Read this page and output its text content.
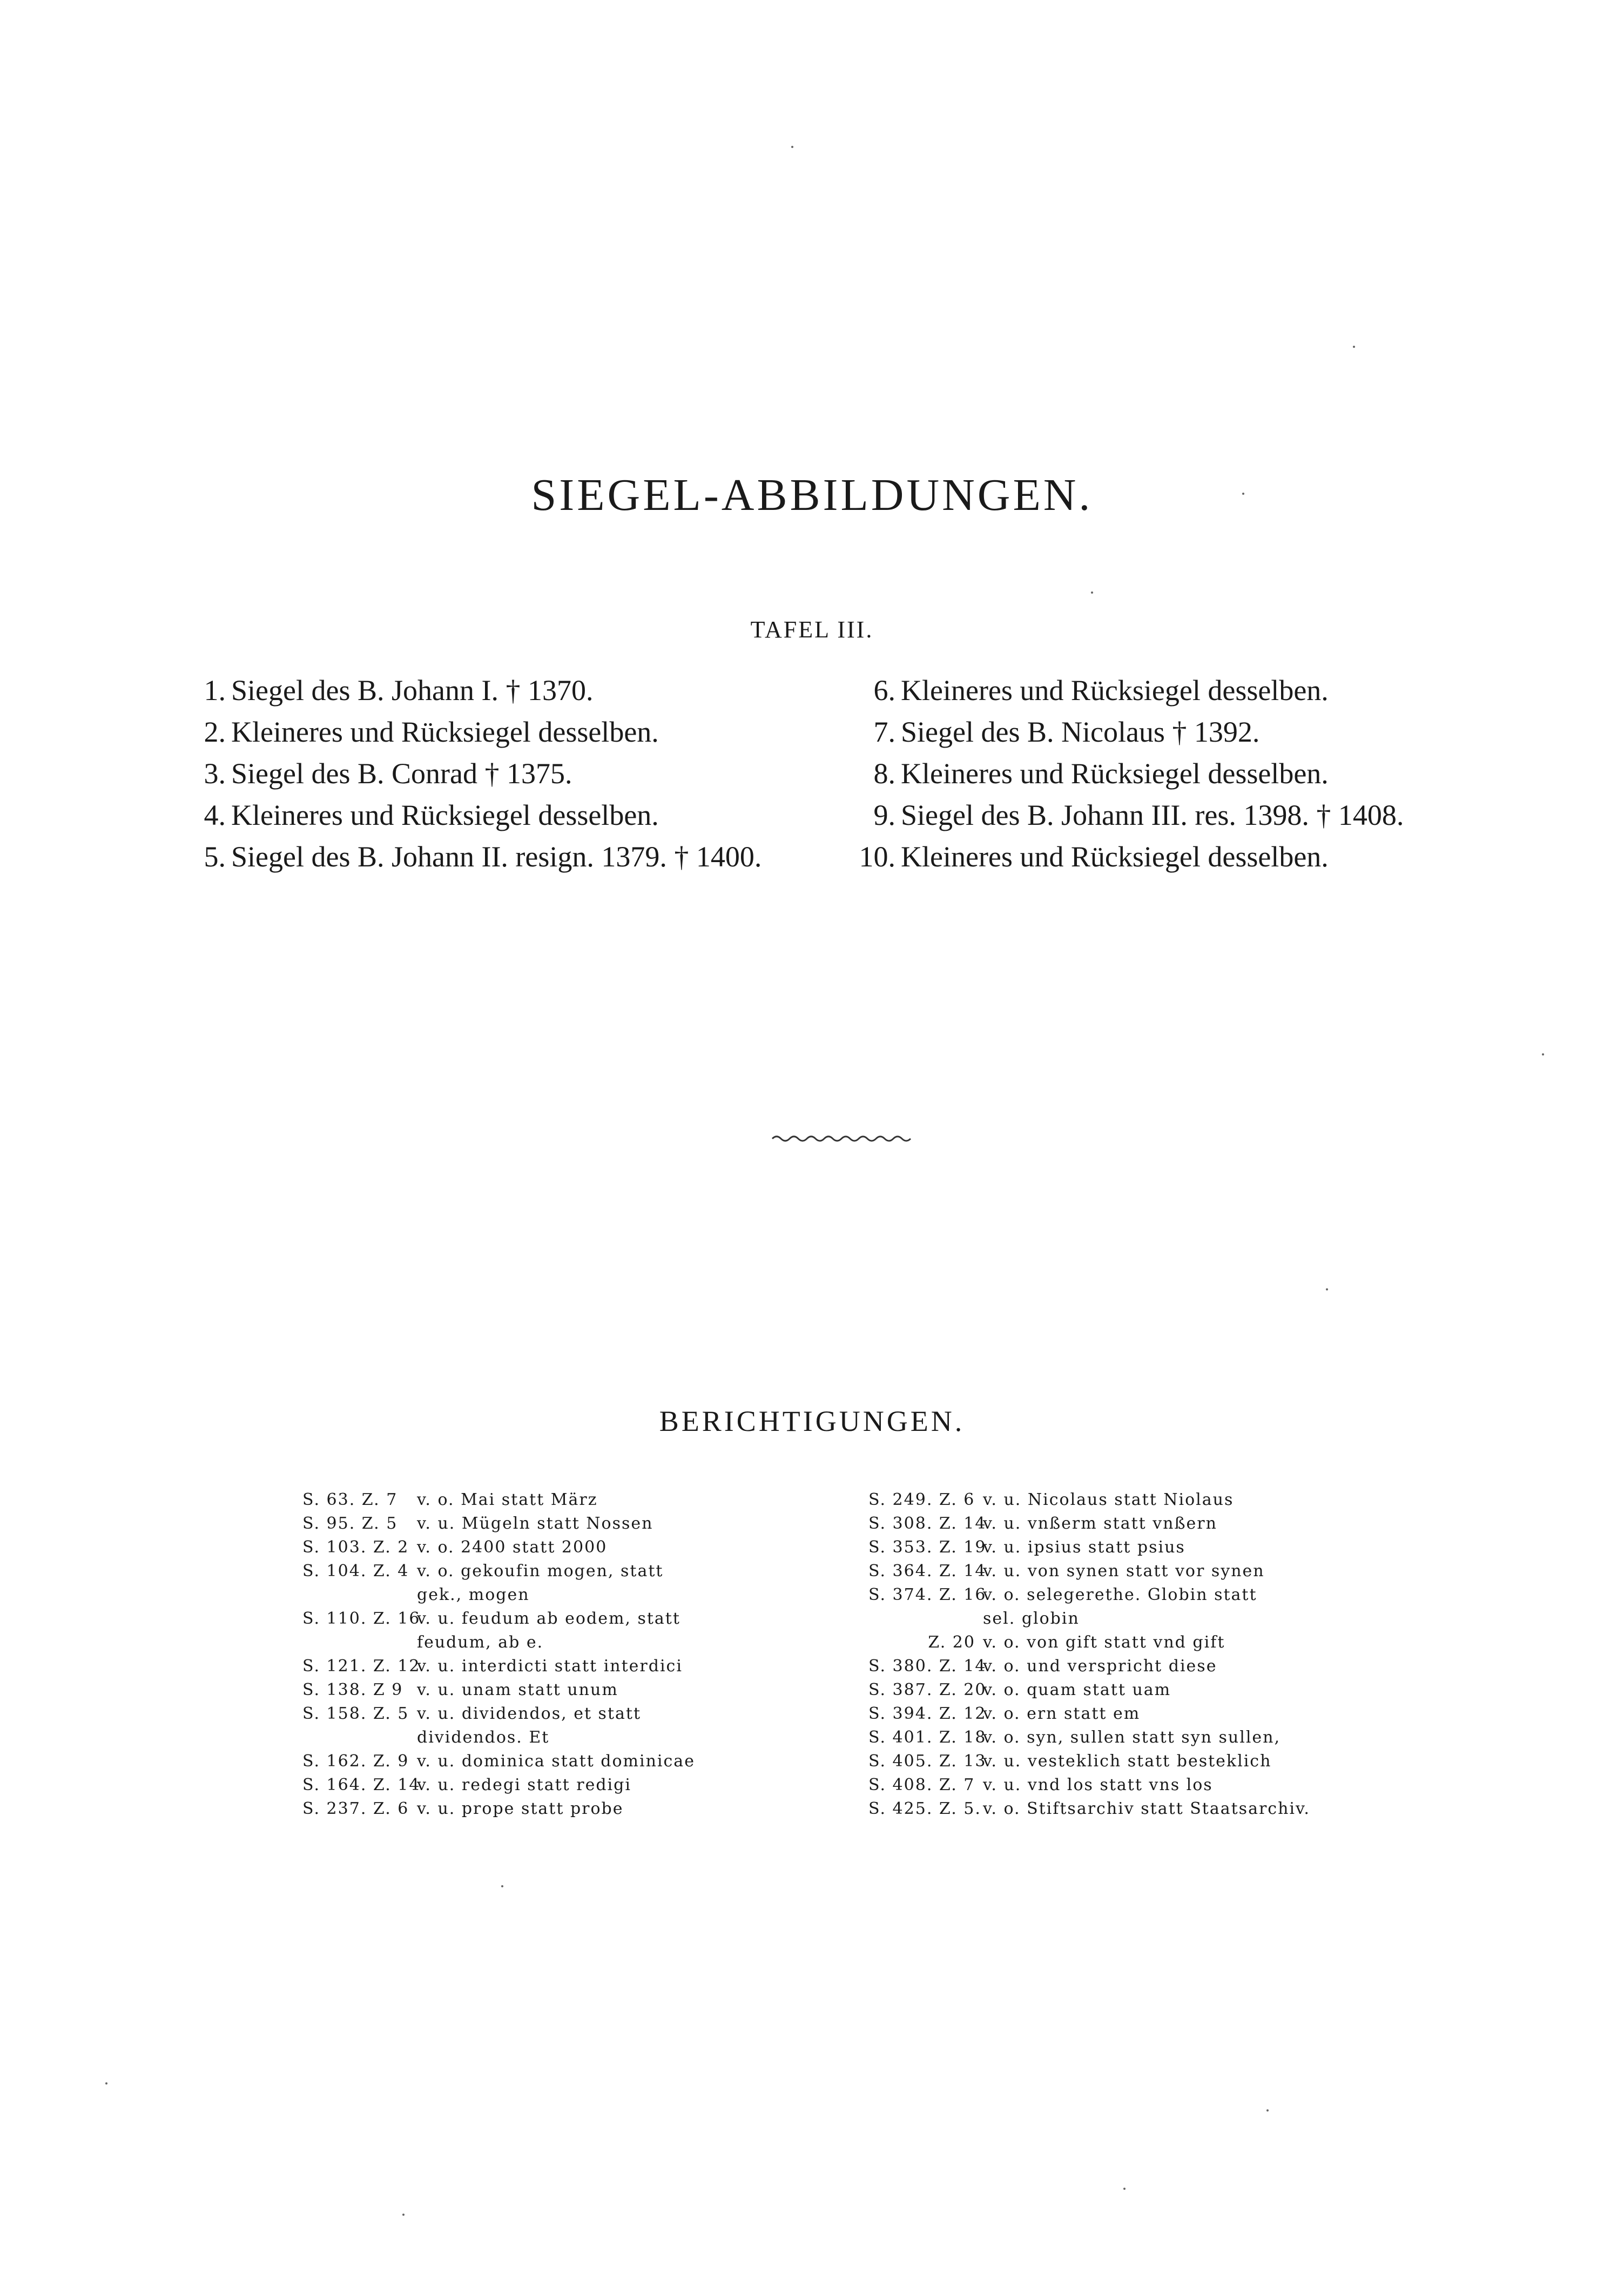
SIEGEL-ABBILDUNGEN.
TAFEL III.
1. Siegel des B. Johann I. † 1370.
2. Kleineres und Rücksiegel desselben.
3. Siegel des B. Conrad † 1375.
4. Kleineres und Rücksiegel desselben.
5. Siegel des B. Johann II. resign. 1379. † 1400.
6. Kleineres und Rücksiegel desselben.
7. Siegel des B. Nicolaus † 1392.
8. Kleineres und Rücksiegel desselben.
9. Siegel des B. Johann III. res. 1398. † 1408.
10. Kleineres und Rücksiegel desselben.
BERICHTIGUNGEN.
S. 63. Z. 7 v. o. Mai statt März
S. 95. Z. 5 v. u. Mügeln statt Nossen
S. 103. Z. 2 v. o. 2400 statt 2000
S. 104. Z. 4 v. o. gekoufin mogen, statt
gek., mogen
S. 110. Z. 16v. u. feudum ab eodem, statt
feudum, ab e.
S. 121. Z. 12v. u. interdicti statt interdici
S. 138. Z 9 v. u. unam statt unum
S. 158. Z. 5 v. u. dividendos, et statt
dividendos. Et
S. 162. Z. 9 v. u. dominica statt dominicae
S. 164. Z. 14v. u. redegi statt redigi
S. 237. Z. 6 v. u. prope statt probe
S. 249. Z. 6 v. u. Nicolaus statt Niolaus
S. 308. Z. 14v. u. vnßerm statt vnßern
S. 353. Z. 19v. u. ipsius statt psius
S. 364. Z. 14v. u. von synen statt vor synen
S. 374. Z. 16v. o. selegerethe. Globin statt
sel. globin
Z. 20 v. o. von gift statt vnd gift
S. 380. Z. 14v. o. und verspricht diese
S. 387. Z. 20v. o. quam statt uam
S. 394. Z. 12v. o. ern statt em
S. 401. Z. 18v. o. syn, sullen statt syn sullen,
S. 405. Z. 13v. u. vesteklich statt besteklich
S. 408. Z. 7 v. u. vnd los statt vns los
S. 425. Z. 5. v. o. Stiftsarchiv statt Staatsarchiv.
